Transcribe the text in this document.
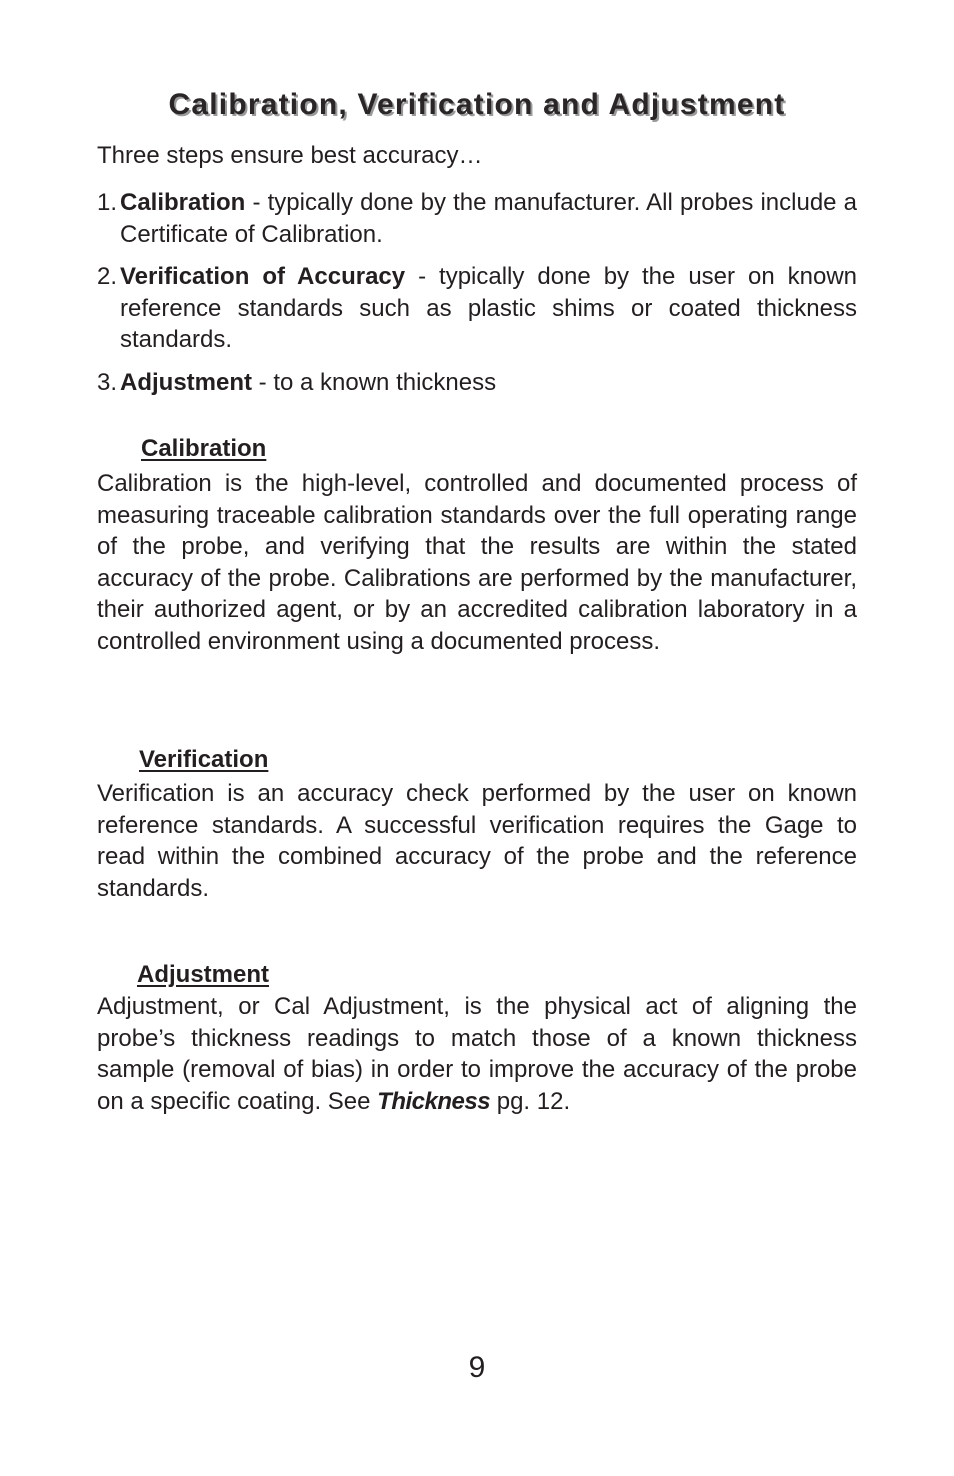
Calibration, Verification and Adjustment

Three steps ensure best accuracy…

1. Calibration - typically done by the manufacturer. All probes include a Certificate of Calibration.
2. Verification of Accuracy - typically done by the user on known reference standards such as plastic shims or coated thickness standards.
3. Adjustment - to a known thickness
Calibration

Calibration is the high-level, controlled and documented process of measuring traceable calibration standards over the full operating range of the probe, and verifying that the results are within the stated accuracy of the probe. Calibrations are performed by the manufacturer, their authorized agent, or by an accredited calibration laboratory in a controlled environment using a documented process.

Verification

Verification is an accuracy check performed by the user on known reference standards. A successful verification requires the Gage to read within the combined accuracy of the probe and the reference standards.

Adjustment

Adjustment, or Cal Adjustment, is the physical act of aligning the probe’s thickness readings to match those of a known thickness sample (removal of bias) in order to improve the accuracy of the probe on a specific coating. See Thickness pg. 12.

9
